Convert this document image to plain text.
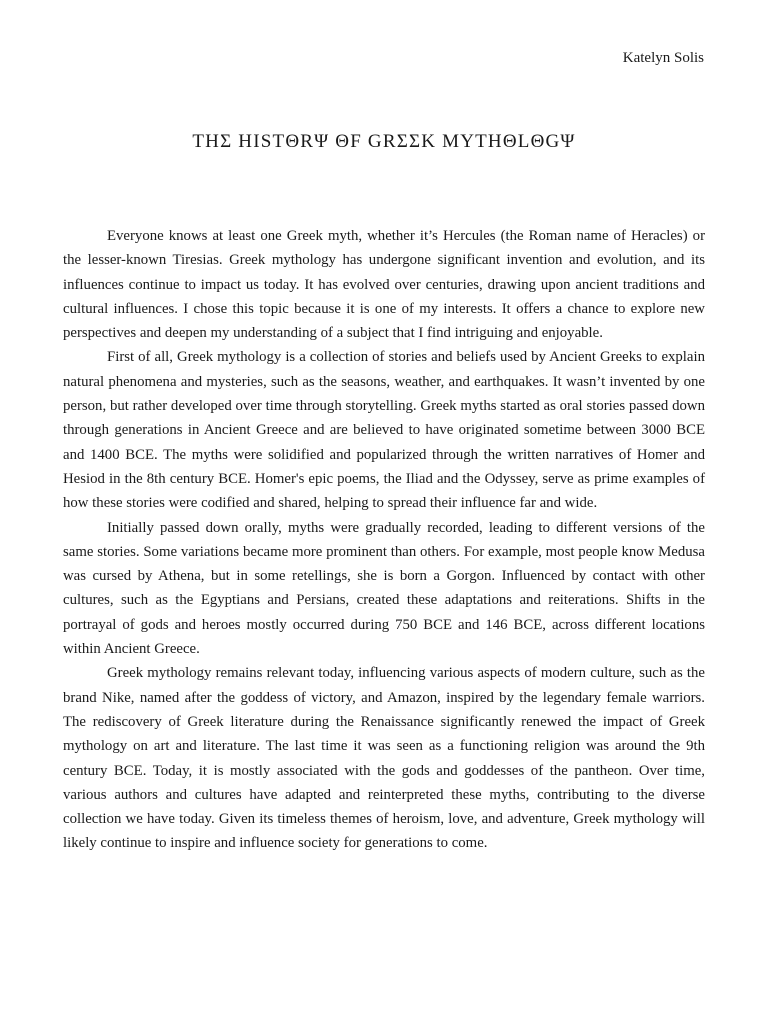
Katelyn Solis
THΣ HISTΘRΨ ΘF GRΣΣK MYTHΘLΘGΨ

Everyone knows at least one Greek myth, whether it’s Hercules (the Roman name of Heracles) or the lesser-known Tiresias. Greek mythology has undergone significant invention and evolution, and its influences continue to impact us today. It has evolved over centuries, drawing upon ancient traditions and cultural influences. I chose this topic because it is one of my interests. It offers a chance to explore new perspectives and deepen my understanding of a subject that I find intriguing and enjoyable.

First of all, Greek mythology is a collection of stories and beliefs used by Ancient Greeks to explain natural phenomena and mysteries, such as the seasons, weather, and earthquakes. It wasn’t invented by one person, but rather developed over time through storytelling. Greek myths started as oral stories passed down through generations in Ancient Greece and are believed to have originated sometime between 3000 BCE and 1400 BCE. The myths were solidified and popularized through the written narratives of Homer and Hesiod in the 8th century BCE. Homer's epic poems, the Iliad and the Odyssey, serve as prime examples of how these stories were codified and shared, helping to spread their influence far and wide.

Initially passed down orally, myths were gradually recorded, leading to different versions of the same stories. Some variations became more prominent than others. For example, most people know Medusa was cursed by Athena, but in some retellings, she is born a Gorgon. Influenced by contact with other cultures, such as the Egyptians and Persians, created these adaptations and reiterations. Shifts in the portrayal of gods and heroes mostly occurred during 750 BCE and 146 BCE, across different locations within Ancient Greece.

Greek mythology remains relevant today, influencing various aspects of modern culture, such as the brand Nike, named after the goddess of victory, and Amazon, inspired by the legendary female warriors. The rediscovery of Greek literature during the Renaissance significantly renewed the impact of Greek mythology on art and literature. The last time it was seen as a functioning religion was around the 9th century BCE. Today, it is mostly associated with the gods and goddesses of the pantheon. Over time, various authors and cultures have adapted and reinterpreted these myths, contributing to the diverse collection we have today. Given its timeless themes of heroism, love, and adventure, Greek mythology will likely continue to inspire and influence society for generations to come.
